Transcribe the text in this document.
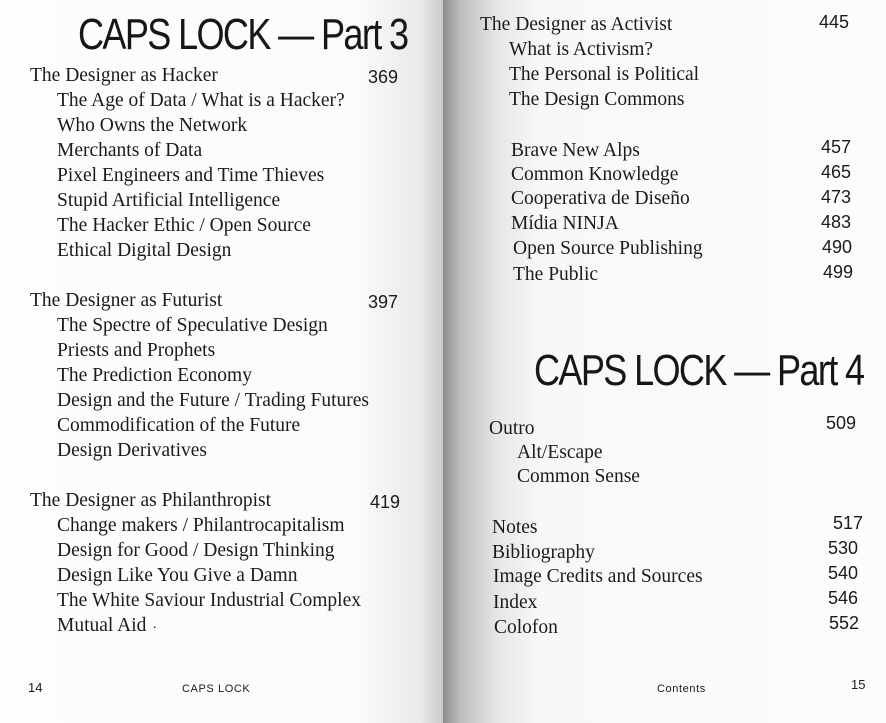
CAPS LOCK — Part 3
The Designer as Hacker	369
The Age of Data / What is a Hacker?
Who Owns the Network
Merchants of Data
Pixel Engineers and Time Thieves
Stupid Artificial Intelligence
The Hacker Ethic / Open Source
Ethical Digital Design
The Designer as Futurist	397
The Spectre of Speculative Design
Priests and Prophets
The Prediction Economy
Design and the Future / Trading Futures
Commodification of the Future
Design Derivatives
The Designer as Philanthropist	419
Change makers / Philantrocapitalism
Design for Good / Design Thinking
Design Like You Give a Damn
The White Saviour Industrial Complex
Mutual Aid ·
14	CAPS LOCK
The Designer as Activist	445
What is Activism?
The Personal is Political
The Design Commons
Brave New Alps	457
Common Knowledge	465
Cooperativa de Diseño	473
Mídia NINJA	483
Open Source Publishing	490
The Public	499
CAPS LOCK — Part 4
Outro	509
Alt/Escape
Common Sense
Notes	517
Bibliography	530
Image Credits and Sources	540
Index	546
Colofon	552
Contents	15
